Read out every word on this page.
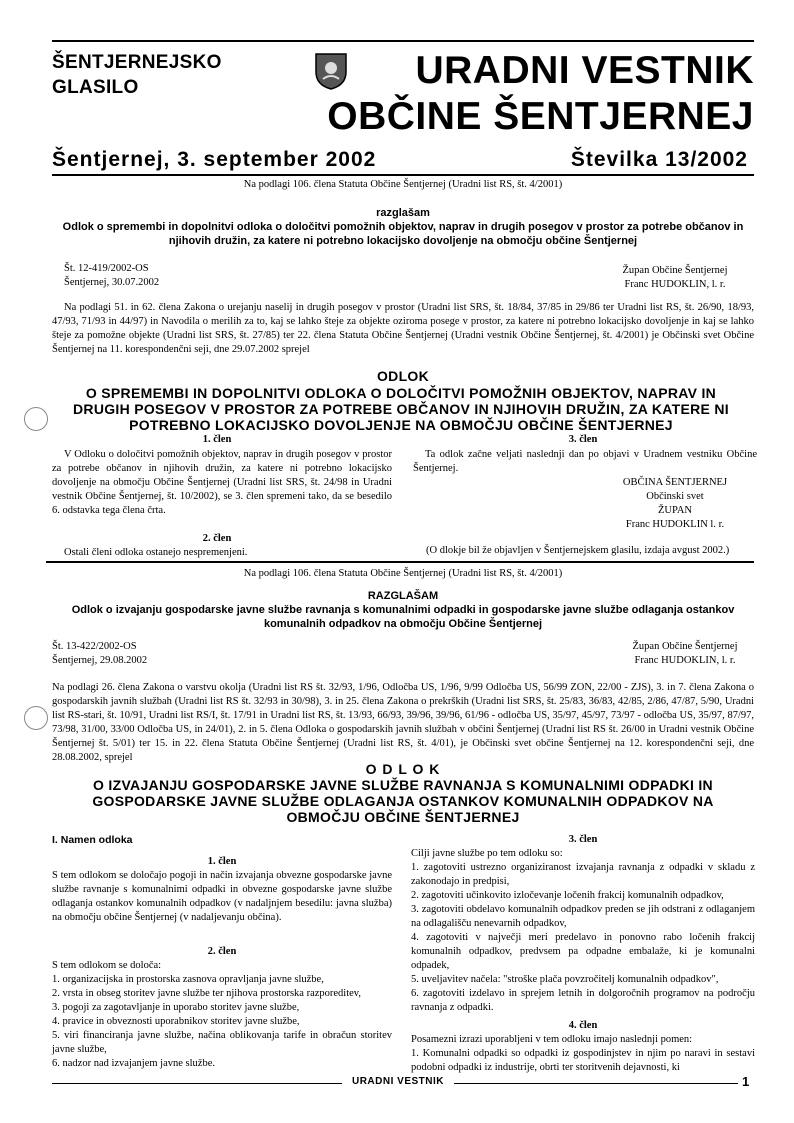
ŠENTJERNEJSKO
GLASILO	URADNI VESTNIK
OBČINE ŠENTJERNEJ
Šentjernej, 3. september 2002	Številka 13/2002
Na podlagi 106. člena Statuta Občine Šentjernej (Uradni list RS, št. 4/2001)
razglašam
Odlok o spremembi in dopolnitvi odloka o določitvi pomožnih objektov, naprav in drugih posegov v prostor za potrebe občanov in njihovih družin, za katere ni potrebno lokacijsko dovoljenje na območju občine Šentjernej
Št. 12-419/2002-OS
Šentjernej, 30.07.2002
Župan Občine Šentjernej
Franc HUDOKLIN, l. r.
Na podlagi 51. in 62. člena Zakona o urejanju naselij in drugih posegov v prostor (Uradni list SRS, št. 18/84, 37/85 in 29/86 ter Uradni list RS, št. 26/90, 18/93, 47/93, 71/93 in 44/97) in Navodila o merilih za to, kaj se lahko šteje za objekte oziroma posege v prostor, za katere ni potrebno lokacijsko dovoljenje in kaj se lahko šteje za pomožne objekte (Uradni list SRS, št. 27/85) ter 22. člena Statuta Občine Šentjernej (Uradni vestnik Občine Šentjernej, št. 4/2001) je Občinski svet Občine Šentjernej na 11. korespondenčni seji, dne 29.07.2002 sprejel
ODLOK
O SPREMEMBI IN DOPOLNITVI ODLOKA O DOLOČITVI POMOŽNIH OBJEKTOV, NAPRAV IN DRUGIH POSEGOV V PROSTOR ZA POTREBE OBČANOV IN NJIHOVIH DRUŽIN, ZA KATERE NI POTREBNO LOKACIJSKO DOVOLJENJE NA OBMOČJU OBČINE ŠENTJERNEJ
1. člen
V Odloku o določitvi pomožnih objektov, naprav in drugih posegov v prostor za potrebe občanov in njihovih družin, za katere ni potrebno lokacijsko dovoljenje na območju Občine Šentjernej (Uradni list SRS, št. 24/98 in Uradni vestnik Občine Šentjernej, št. 10/2002), se 3. člen spremeni tako, da se besedilo 6. odstavka tega člena črta.
2. člen
Ostali členi odloka ostanejo nespremenjeni.
3. člen
Ta odlok začne veljati naslednji dan po objavi v Uradnem vestniku Občine Šentjernej.
OBČINA ŠENTJERNEJ
Občinski svet
ŽUPAN
Franc HUDOKLIN l. r.
(O dlokje bil že objavljen v Šentjernejskem glasilu, izdaja avgust 2002.)
Na podlagi 106. člena Statuta Občine Šentjernej (Uradni list RS, št. 4/2001)
RAZGLAŠAM
Odlok o izvajanju gospodarske javne službe ravnanja s komunalnimi odpadki in gospodarske javne službe odlaganja ostankov komunalnih odpadkov na območju Občine Šentjernej
Št. 13-422/2002-OS
Šentjernej, 29.08.2002
Župan Občine Šentjernej
Franc HUDOKLIN, l. r.
Na podlagi 26. člena Zakona o varstvu okolja (Uradni list RS št. 32/93, 1/96, Odločba US, 1/96, 9/99 Odločba US, 56/99 ZON, 22/00 - ZJS), 3. in 7. člena Zakona o gospodarskih javnih službah (Uradni list RS št. 32/93 in 30/98), 3. in 25. člena Zakona o prekrških (Uradni list SRS, št. 25/83, 36/83, 42/85, 2/86, 47/87, 5/90, Uradni list RS-stari, št. 10/91, Uradni list RS/I, št. 17/91 in Uradni list RS, št. 13/93, 66/93, 39/96, 39/96, 61/96 - odločba US, 35/97, 45/97, 73/97 - odločba US, 35/97, 87/97, 73/98, 31/00, 33/00 Odločba US, in 24/01), 2. in 5. člena Odloka o gospodarskih javnih službah v občini Šentjernej (Uradni list RS št. 26/00 in Uradni vestnik Občine Šentjernej št. 5/01) ter 15. in 22. člena Statuta Občine Šentjernej (Uradni list RS, št. 4/01), je Občinski svet občine Šentjernej na 12. korespondenčni seji, dne 28.08.2002, sprejel
O D L O K
O IZVAJANJU GOSPODARSKE JAVNE SLUŽBE RAVNANJA S KOMUNALNIMI ODPADKI IN GOSPODARSKE JAVNE SLUŽBE ODLAGANJA OSTANKOV KOMUNALNIH ODPADKOV NA OBMOČJU OBČINE ŠENTJERNEJ
I. Namen odloka
1. člen
S tem odlokom se določajo pogoji in način izvajanja obvezne gospodarske javne službe ravnanje s komunalnimi odpadki in obvezne gospodarske javne službe odlaganja ostankov komunalnih odpadkov (v nadaljnjem besedilu: javna služba) na območju občine Šentjernej (v nadaljevanju občina).
2. člen
S tem odlokom se določa:

1. organizacijska in prostorska zasnova opravljanja javne službe,

2. vrsta in obseg storitev javne službe ter njihova prostorska razporeditev,

3. pogoji za zagotavljanje in uporabo storitev javne službe,

4. pravice in obveznosti uporabnikov storitev javne službe,

5. viri financiranja javne službe, načina oblikovanja tarife in obračun storitev javne službe,

6. nadzor nad izvajanjem javne službe.

3. člen
Cilji javne službe po tem odloku so:

1. zagotoviti ustrezno organiziranost izvajanja ravnanja z odpadki v skladu z zakonodajo in predpisi,

2. zagotoviti učinkovito izločevanje ločenih frakcij komunalnih odpadkov,

3. zagotoviti obdelavo komunalnih odpadkov preden se jih odstrani z odlaganjem na odlagališču nenevarnih odpadkov,

4. zagotoviti v največji meri predelavo in ponovno rabo ločenih frakcij komunalnih odpadkov, predvsem pa odpadne embalaže, ki je komunalni odpadek,

5. uveljavitev načela: "stroške plača povzročitelj komunalnih odpadkov",

6. zagotoviti izdelavo in sprejem letnih in dolgoročnih programov na področju ravnanja z odpadki.

4. člen
Posamezni izrazi uporabljeni v tem odloku imajo naslednji pomen:
1. Komunalni odpadki so odpadki iz gospodinjstev in njim po naravi in sestavi podobni odpadki iz industrije, obrti ter storitvenih dejavnosti, ki
URADNI VESTNIK	1
